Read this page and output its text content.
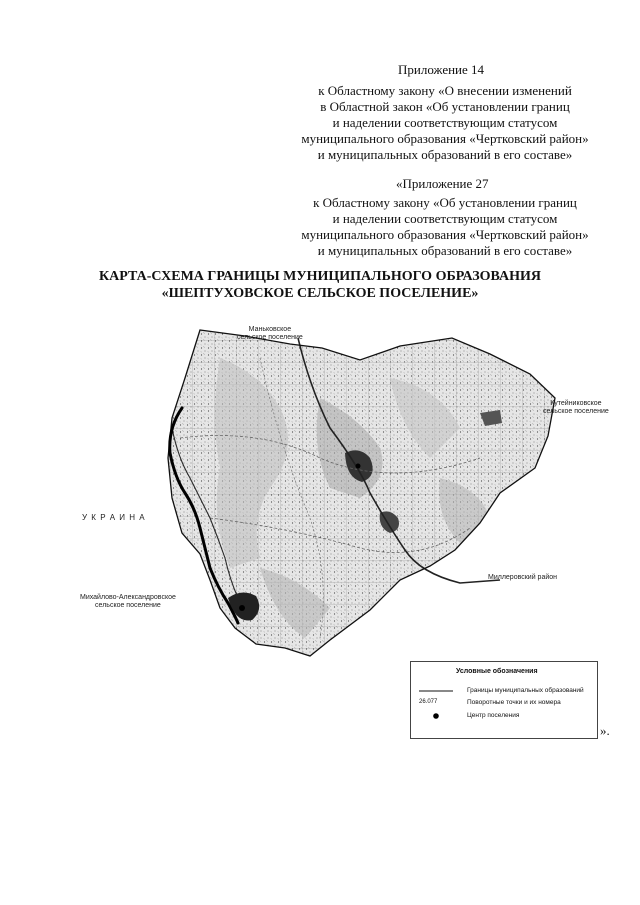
Приложение 14
к Областному закону «О внесении изменений
в Областной закон «Об установлении границ
и наделении соответствующим статусом
муниципального образования «Чертковский район»
и муниципальных образований в его составе»
«Приложение 27
к Областному закону «Об установлении границ
и наделении соответствующим статусом
муниципального образования «Чертковский район»
и муниципальных образований в его составе»
КАРТА-СХЕМА ГРАНИЦЫ МУНИЦИПАЛЬНОГО ОБРАЗОВАНИЯ
«ШЕПТУХОВСКОЕ СЕЛЬСКОЕ ПОСЕЛЕНИЕ»
Маньковское
сельское поселение
Кутейниковское
сельское поселение
У К Р А И Н А
Миллеровский район
Михайлово-Александровское
сельское поселение
Условные обозначения
Границы муниципальных образований
26.077	Поворотные точки и их номера
Центр поселения
».
